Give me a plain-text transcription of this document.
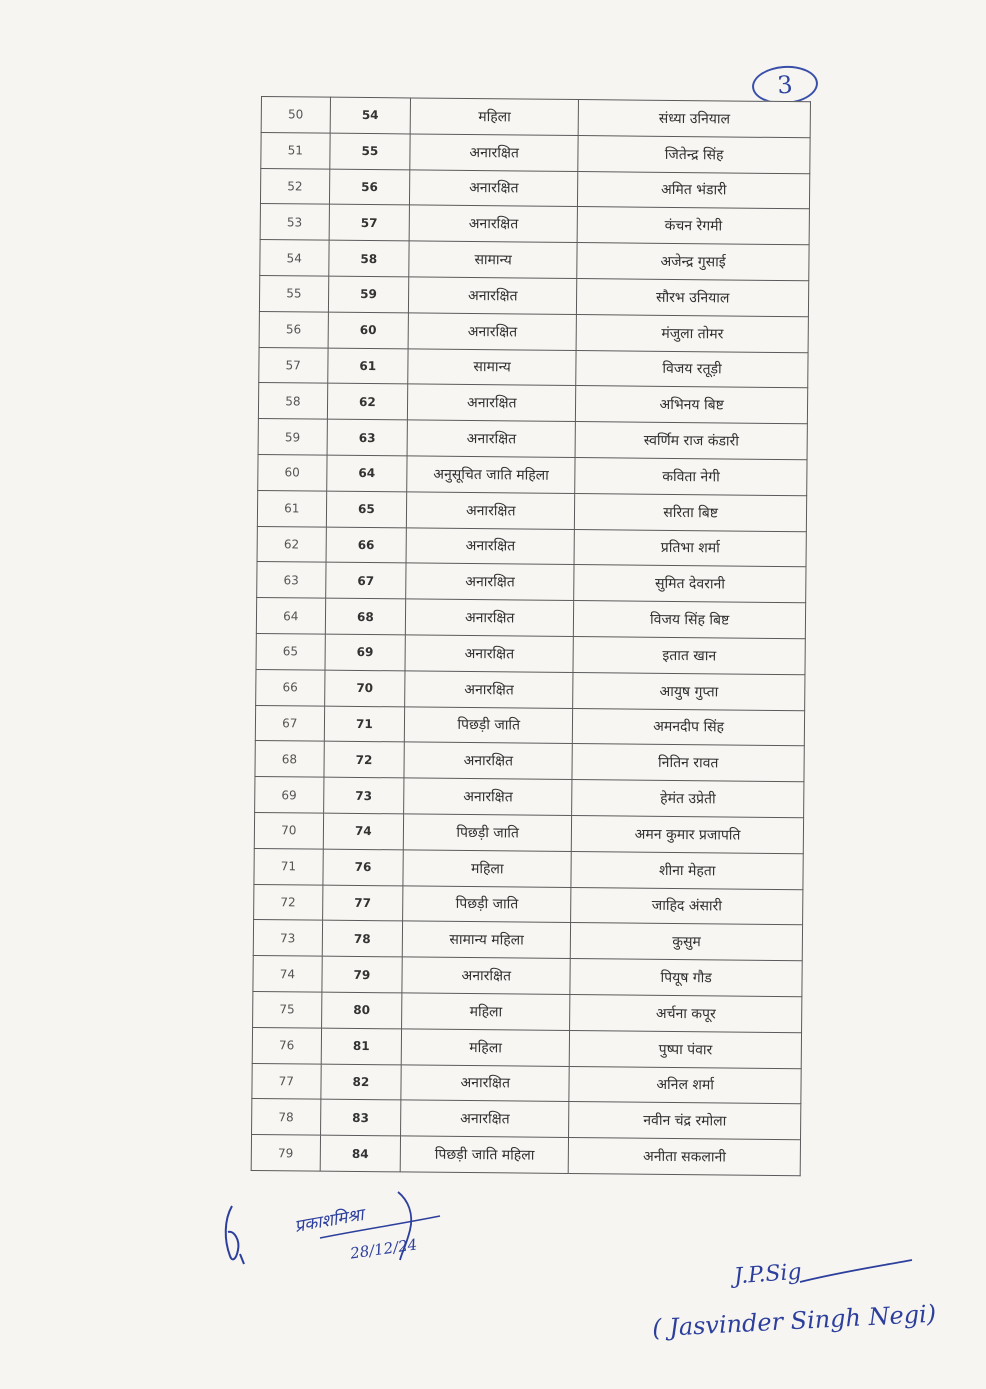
3
50	54	महिला	संध्या उनियाल
51	55	अनारक्षित	जितेन्द्र सिंह
52	56	अनारक्षित	अमित भंडारी
53	57	अनारक्षित	कंचन रेगमी
54	58	सामान्य	अजेन्द्र गुसाई
55	59	अनारक्षित	सौरभ उनियाल
56	60	अनारक्षित	मंजुला तोमर
57	61	सामान्य	विजय रतूड़ी
58	62	अनारक्षित	अभिनय बिष्ट
59	63	अनारक्षित	स्वर्णिम राज कंडारी
60	64	अनुसूचित जाति महिला	कविता नेगी
61	65	अनारक्षित	सरिता बिष्ट
62	66	अनारक्षित	प्रतिभा शर्मा
63	67	अनारक्षित	सुमित देवरानी
64	68	अनारक्षित	विजय सिंह बिष्ट
65	69	अनारक्षित	इतात खान
66	70	अनारक्षित	आयुष गुप्ता
67	71	पिछड़ी जाति	अमनदीप सिंह
68	72	अनारक्षित	नितिन रावत
69	73	अनारक्षित	हेमंत उप्रेती
70	74	पिछड़ी जाति	अमन कुमार प्रजापति
71	76	महिला	शीना मेहता
72	77	पिछड़ी जाति	जाहिद अंसारी
73	78	सामान्य महिला	कुसुम
74	79	अनारक्षित	पियूष गौड
75	80	महिला	अर्चना कपूर
76	81	महिला	पुष्पा पंवार
77	82	अनारक्षित	अनिल शर्मा
78	83	अनारक्षित	नवीन चंद्र रमोला
79	84	पिछड़ी जाति महिला	अनीता सकलानी
प्रकाशमिश्रा
28/12/24
J.P.Sig
( Jasvinder Singh Negi)
